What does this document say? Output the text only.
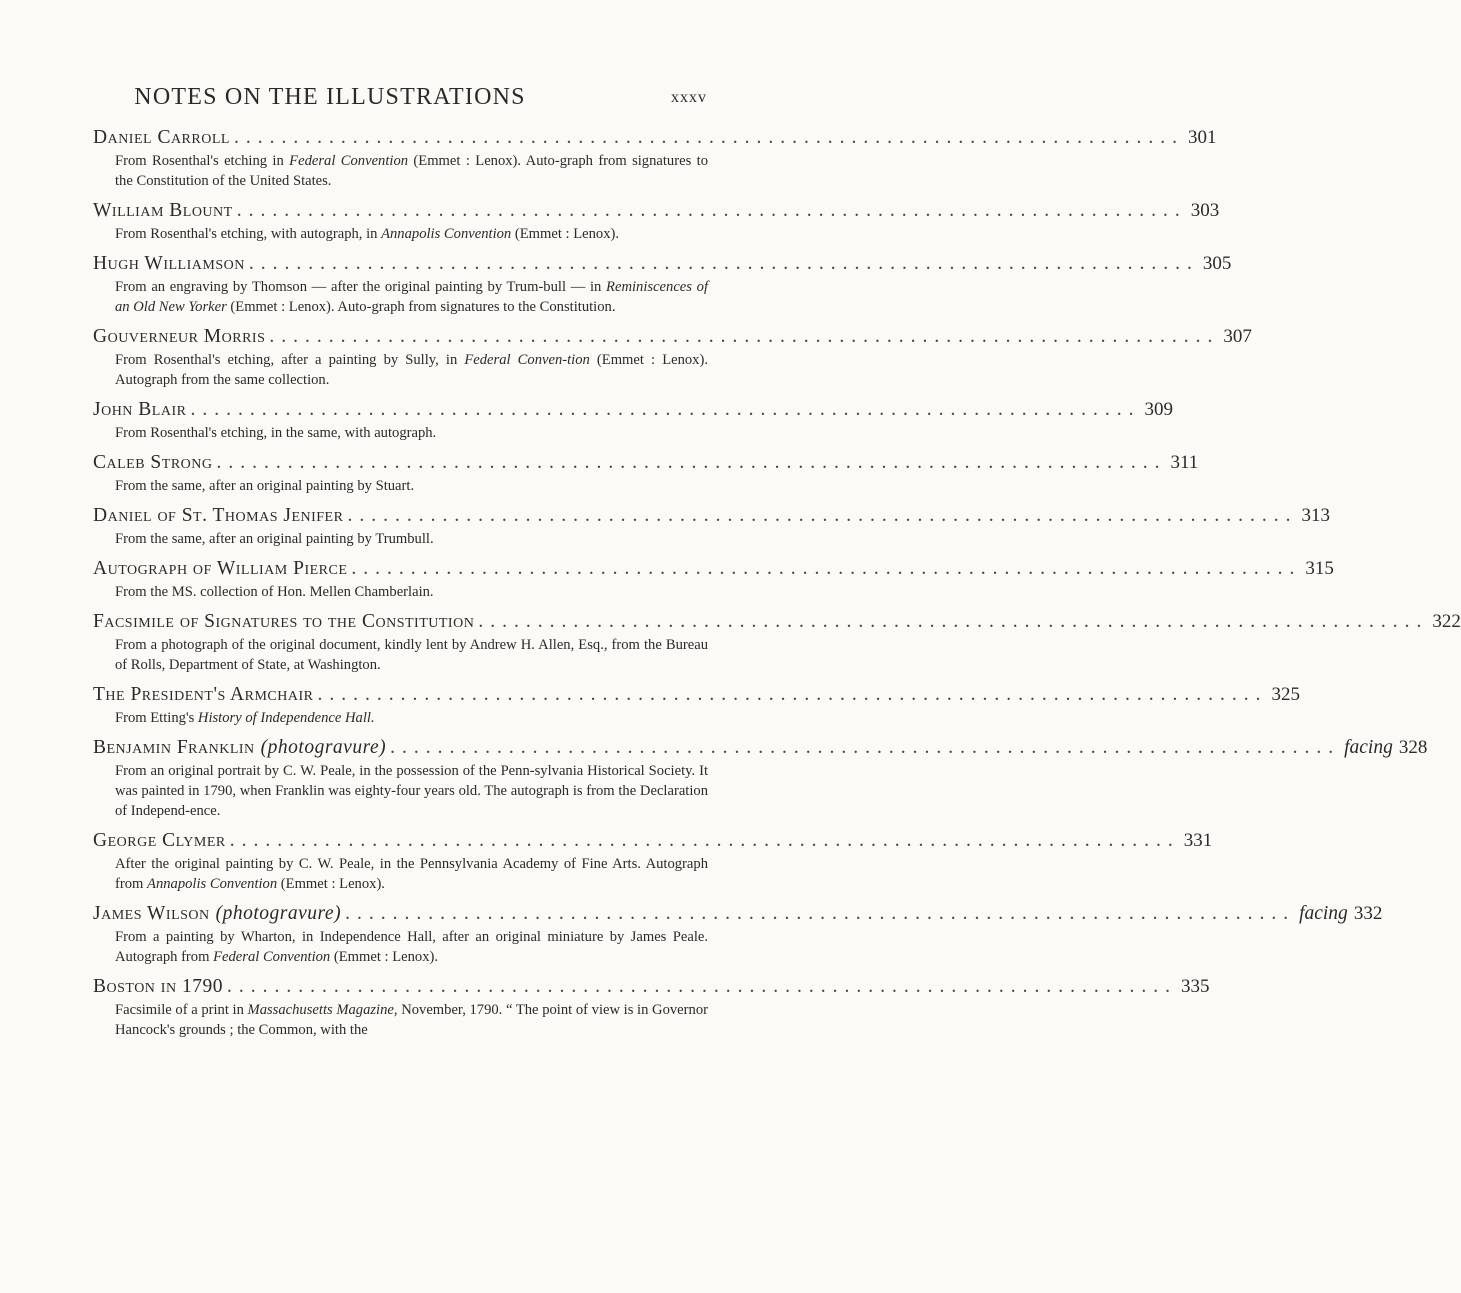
NOTES ON THE ILLUSTRATIONS	xxxv
Daniel Carroll ................................................................................ 301
From Rosenthal's etching in Federal Convention (Emmet : Lenox). Auto-graph from signatures to the Constitution of the United States.
William Blount ................................................................................ 303
From Rosenthal's etching, with autograph, in Annapolis Convention (Emmet : Lenox).
Hugh Williamson ................................................................................ 305
From an engraving by Thomson — after the original painting by Trum-bull — in Reminiscences of an Old New Yorker (Emmet : Lenox). Auto-graph from signatures to the Constitution.
Gouverneur Morris ................................................................................ 307
From Rosenthal's etching, after a painting by Sully, in Federal Conven-tion (Emmet : Lenox). Autograph from the same collection.
John Blair ................................................................................ 309
From Rosenthal's etching, in the same, with autograph.
Caleb Strong ................................................................................ 311
From the same, after an original painting by Stuart.
Daniel of St. Thomas Jenifer ................................................................................ 313
From the same, after an original painting by Trumbull.
Autograph of William Pierce ................................................................................ 315
From the MS. collection of Hon. Mellen Chamberlain.
Facsimile of Signatures to the Constitution ................................................................................ 322
From a photograph of the original document, kindly lent by Andrew H. Allen, Esq., from the Bureau of Rolls, Department of State, at Washington.
The President's Armchair ................................................................................ 325
From Etting's History of Independence Hall.
Benjamin Franklin (photogravure) ................................................................................ facing 328
From an original portrait by C. W. Peale, in the possession of the Penn-sylvania Historical Society. It was painted in 1790, when Franklin was eighty-four years old. The autograph is from the Declaration of Independ-ence.
George Clymer ................................................................................ 331
After the original painting by C. W. Peale, in the Pennsylvania Academy of Fine Arts. Autograph from Annapolis Convention (Emmet : Lenox).
James Wilson (photogravure) ................................................................................ facing 332
From a painting by Wharton, in Independence Hall, after an original miniature by James Peale. Autograph from Federal Convention (Emmet : Lenox).
Boston in 1790 ................................................................................ 335
Facsimile of a print in Massachusetts Magazine, November, 1790. “ The point of view is in Governor Hancock's grounds ; the Common, with the
